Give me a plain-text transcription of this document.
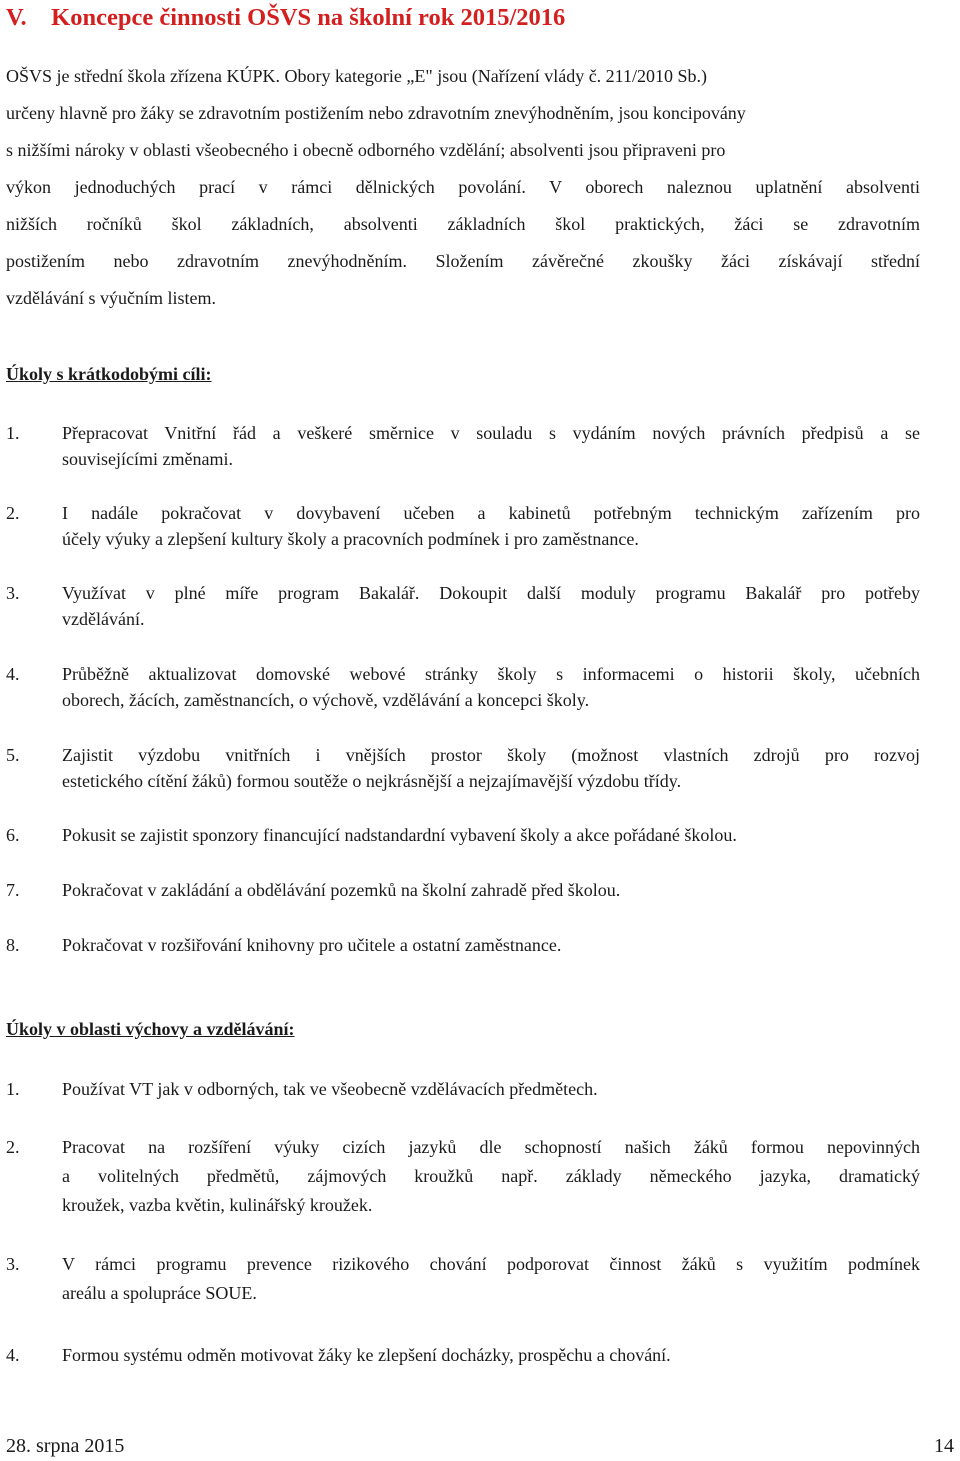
V.    Koncepce činnosti OŠVS na školní rok 2015/2016
OŠVS je střední škola zřízena KÚPK. Obory kategorie „E" jsou (Nařízení vlády č. 211/2010 Sb.)
určeny hlavně pro žáky se zdravotním postižením nebo zdravotním znevýhodněním, jsou koncipovány
s nižšími nároky v oblasti všeobecného i obecně odborného vzdělání; absolventi jsou připraveni pro
výkon jednoduchých prací v rámci dělnických povolání. V oborech naleznou uplatnění absolventi
nižších ročníků škol základních, absolventi základních škol praktických, žáci se zdravotním
postižením nebo zdravotním znevýhodněním. Složením závěrečné zkoušky žáci získávají střední
vzdělávání s výučním listem.
Úkoly s krátkodobými cíli:
1. Přepracovat Vnitřní řád a veškeré směrnice v souladu s vydáním nových právních předpisů a se
souvisejícími změnami.
2. I nadále pokračovat v dovybavení učeben a kabinetů potřebným technickým zařízením pro
účely výuky a zlepšení kultury školy a pracovních podmínek i pro zaměstnance.
3. Využívat v plné míře program Bakalář. Dokoupit další moduly programu Bakalář pro potřeby
vzdělávání.
4. Průběžně aktualizovat domovské webové stránky školy s informacemi o historii školy, učebních
oborech, žácích, zaměstnancích, o výchově, vzdělávání a koncepci školy.
5. Zajistit výzdobu vnitřních i vnějších prostor školy (možnost vlastních zdrojů pro rozvoj
estetického cítění žáků) formou soutěže o nejkrásnější a nejzajímavější výzdobu třídy.
6. Pokusit se zajistit sponzory financující nadstandardní vybavení školy a akce pořádané školou.
7. Pokračovat v zakládání a obdělávání pozemků na školní zahradě před školou.
8. Pokračovat v rozšiřování knihovny pro učitele a ostatní zaměstnance.
Úkoly v oblasti výchovy a vzdělávání:
1. Používat VT jak v odborných, tak ve všeobecně vzdělávacích předmětech.
2. Pracovat na rozšíření výuky cizích jazyků dle schopností našich žáků formou nepovinných
a volitelných předmětů, zájmových kroužků např. základy německého jazyka, dramatický
kroužek, vazba květin, kulinářský kroužek.
3. V rámci programu prevence rizikového chování podporovat činnost žáků s využitím podmínek
areálu a spolupráce SOUE.
4. Formou systému odměn motivovat žáky ke zlepšení docházky, prospěchu a chování.
28. srpna 2015	14
